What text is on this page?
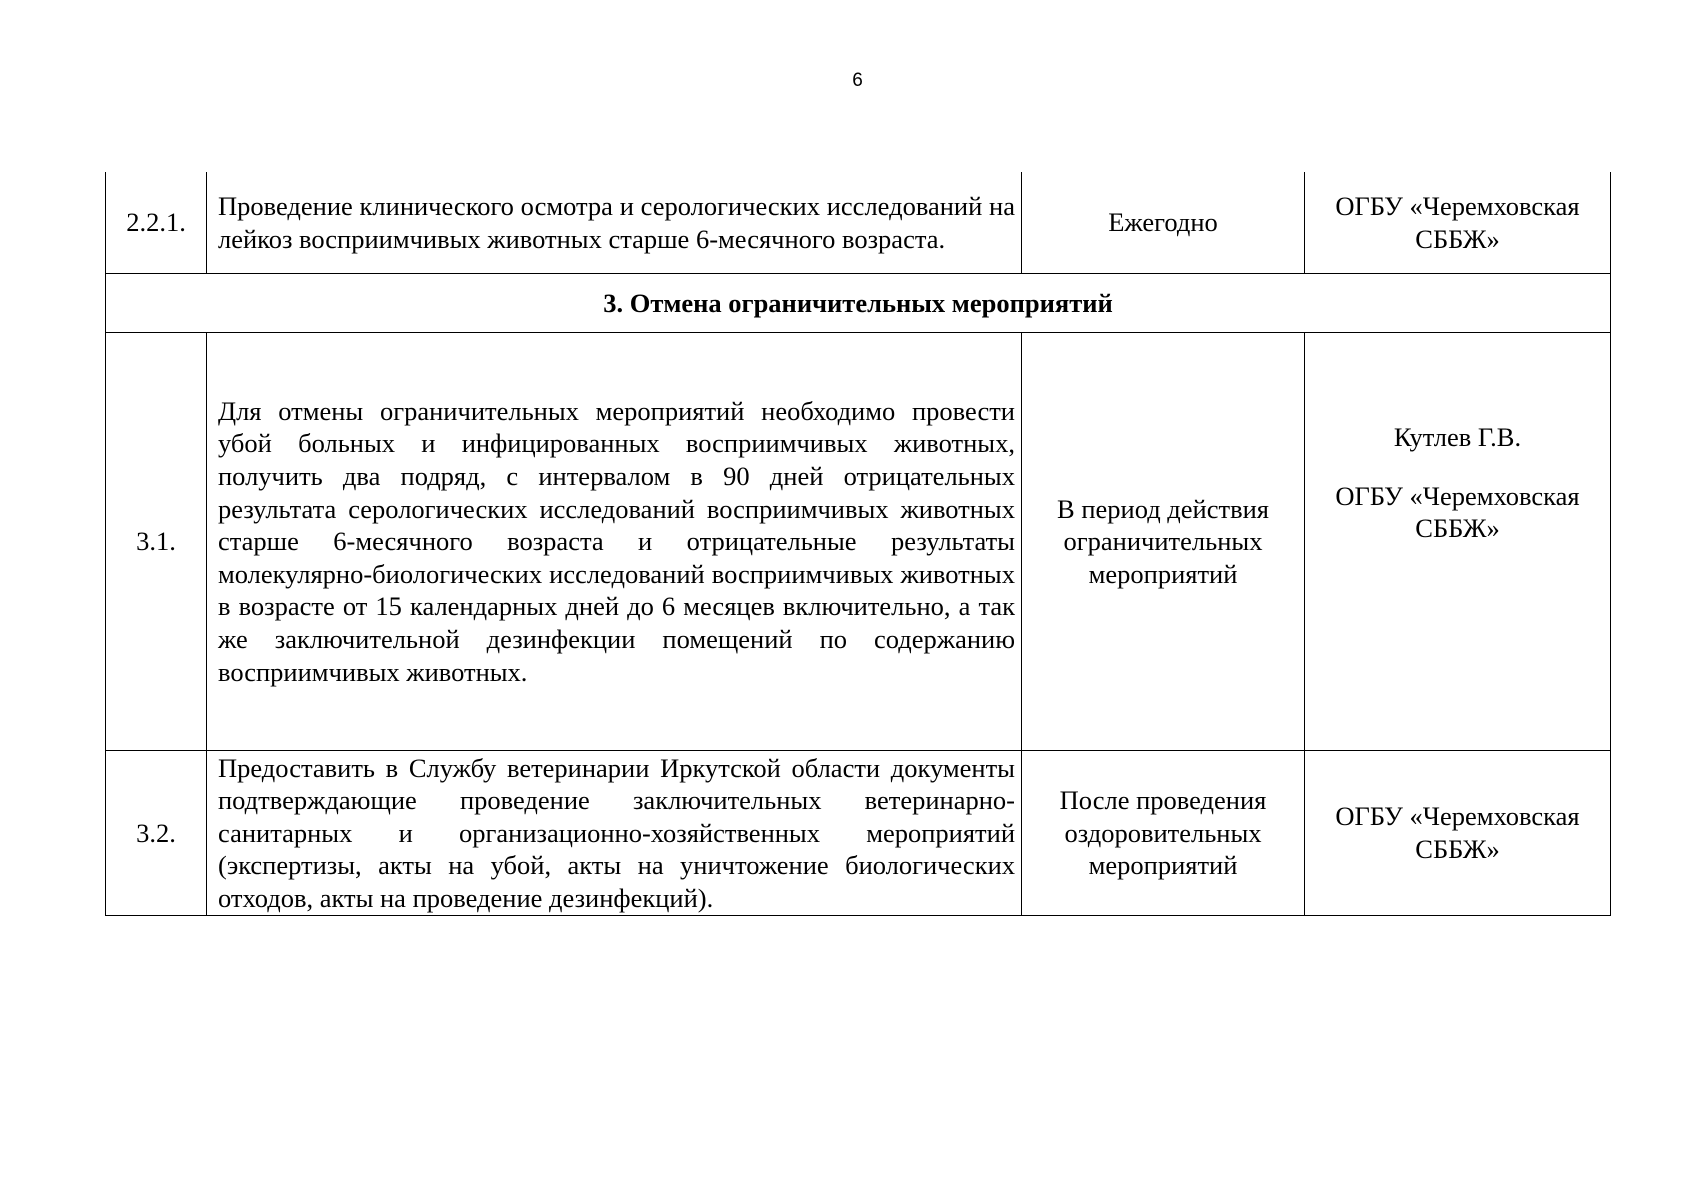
6
2.2.1.	Проведение клинического осмотра и серологических исследований на лейкоз восприимчивых животных старше 6-месячного возраста.	Ежегодно	ОГБУ «Черемховская СББЖ»
3. Отмена ограничительных мероприятий			
3.1.	Для отмены ограничительных мероприятий необходимо провести убой больных и инфицированных восприимчивых животных, получить два подряд, с интервалом в 90 дней отрицательных результата серологических исследований восприимчивых животных старше 6-месячного возраста и отрицательные результаты молекулярно-биологических исследований восприимчивых животных в возрасте от 15 календарных дней до 6 месяцев включительно, а так же заключительной дезинфекции помещений по содержанию восприимчивых животных.	В период действия ограничительных мероприятий	Кутлев Г.В.
ОГБУ «Черемховская СББЖ»

3.2.	Предоставить в Службу ветеринарии Иркутской области документы подтверждающие проведение заключительных ветеринарно-санитарных и организационно-хозяйственных мероприятий (экспертизы, акты на убой, акты на уничтожение биологических отходов, акты на проведение дезинфекций).	После проведения оздоровительных мероприятий	ОГБУ «Черемховская СББЖ»
